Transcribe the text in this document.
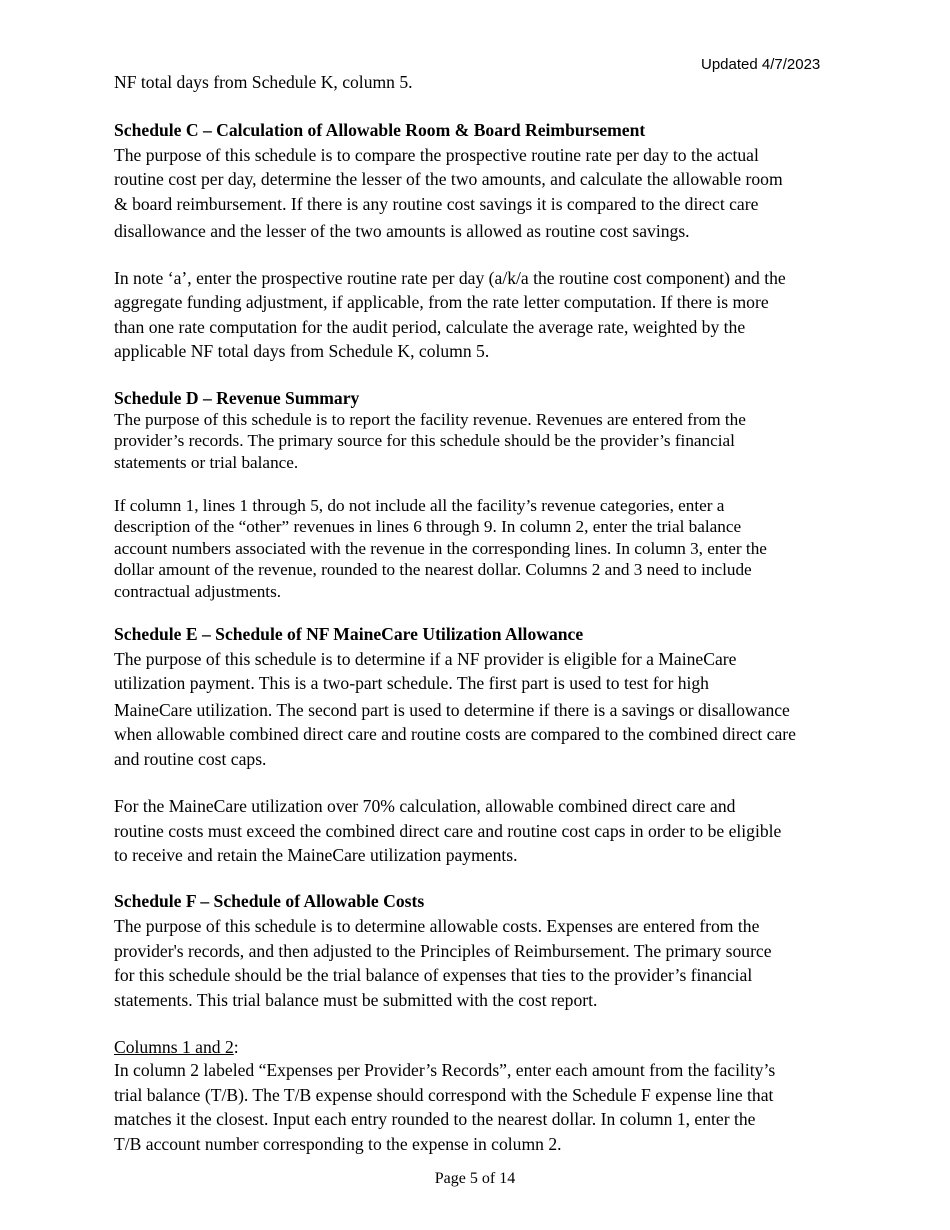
Updated 4/7/2023
NF total days from Schedule K, column 5.
Schedule C – Calculation of Allowable Room & Board Reimbursement
The purpose of this schedule is to compare the prospective routine rate per day to the actual
routine cost per day, determine the lesser of the two amounts, and calculate the allowable room
& board reimbursement. If there is any routine cost savings it is compared to the direct care
disallowance and the lesser of the two amounts is allowed as routine cost savings.
In note ‘a’, enter the prospective routine rate per day (a/k/a the routine cost component) and the
aggregate funding adjustment, if applicable, from the rate letter computation. If there is more
than one rate computation for the audit period, calculate the average rate, weighted by the
applicable NF total days from Schedule K, column 5.
Schedule D – Revenue Summary
The purpose of this schedule is to report the facility revenue. Revenues are entered from the
provider’s records. The primary source for this schedule should be the provider’s financial
statements or trial balance.
If column 1, lines 1 through 5, do not include all the facility’s revenue categories, enter a
description of the “other” revenues in lines 6 through 9. In column 2, enter the trial balance
account numbers associated with the revenue in the corresponding lines. In column 3, enter the
dollar amount of the revenue, rounded to the nearest dollar. Columns 2 and 3 need to include
contractual adjustments.
Schedule E – Schedule of NF MaineCare Utilization Allowance
The purpose of this schedule is to determine if a NF provider is eligible for a MaineCare
utilization payment. This is a two-part schedule. The first part is used to test for high
MaineCare utilization. The second part is used to determine if there is a savings or disallowance
when allowable combined direct care and routine costs are compared to the combined direct care
and routine cost caps.
For the MaineCare utilization over 70% calculation, allowable combined direct care and
routine costs must exceed the combined direct care and routine cost caps in order to be eligible
to receive and retain the MaineCare utilization payments.
Schedule F – Schedule of Allowable Costs
The purpose of this schedule is to determine allowable costs. Expenses are entered from the
provider's records, and then adjusted to the Principles of Reimbursement. The primary source
for this schedule should be the trial balance of expenses that ties to the provider’s financial
statements. This trial balance must be submitted with the cost report.
Columns 1 and 2:
In column 2 labeled “Expenses per Provider’s Records”, enter each amount from the facility’s
trial balance (T/B). The T/B expense should correspond with the Schedule F expense line that
matches it the closest. Input each entry rounded to the nearest dollar. In column 1, enter the
T/B account number corresponding to the expense in column 2.
Page 5 of 14
